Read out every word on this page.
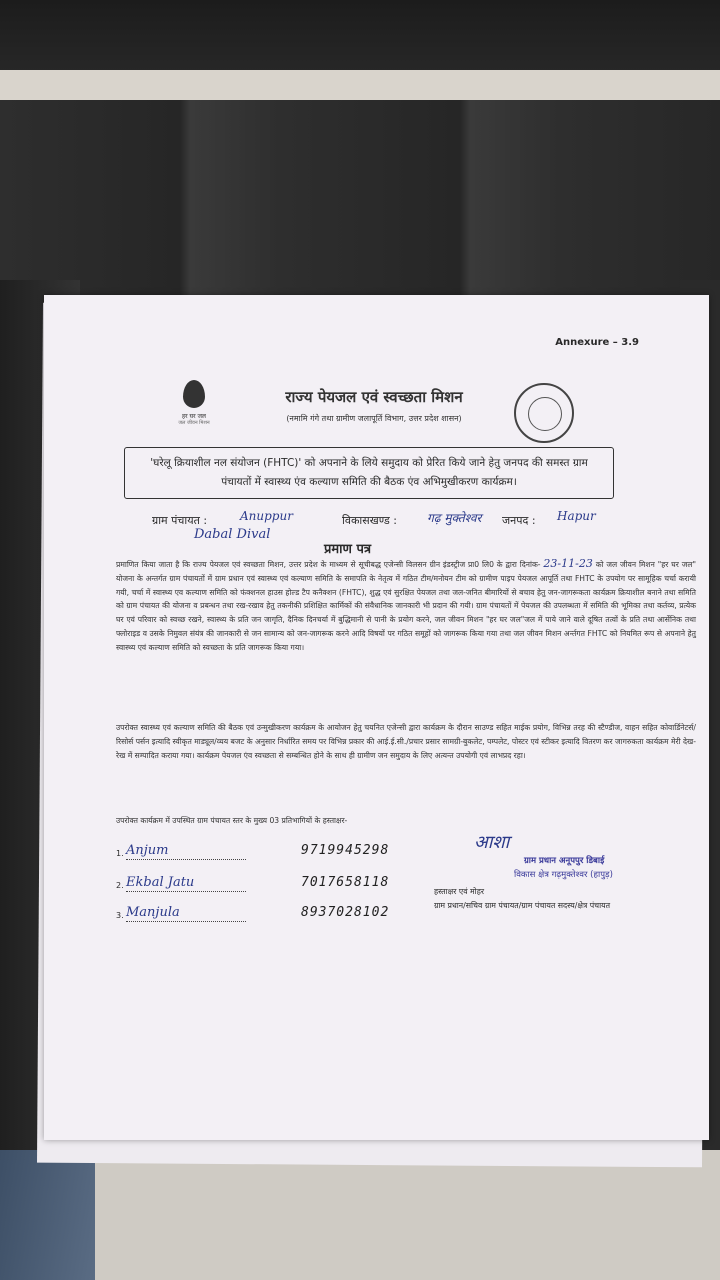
Annexure – 3.9
हर घर जल
जल जीवन मिशन
राज्य पेयजल एवं स्वच्छता मिशन
(नमामि गंगे तथा ग्रामीण जलापूर्ति विभाग, उत्तर प्रदेश शासन)
'घरेलू क्रियाशील नल संयोजन (FHTC)' को अपनाने के लिये समुदाय को प्रेरित किये जाने हेतु जनपद की समस्त ग्राम पंचायतों में स्वास्थ्य एंव कल्याण समिति की बैठक एंव अभिमुखीकरण कार्यक्रम।
ग्राम पंचायत :	Anuppur	विकासखण्ड : गढ़ मुक्तेश्वर जनपद : Hapur
Dabal Dival
प्रमाण पत्र
प्रमाणित किया जाता है कि राज्य पेयजल एवं स्वच्छता मिशन, उत्तर प्रदेश के माध्यम से सूचीबद्ध एजेन्सी विलसन ग्रीन इंडस्ट्रीज प्रा0 लि0 के द्वारा दिनांक- 23-11-23 को जल जीवन मिशन "हर घर जल" योजना के अन्तर्गत ग्राम पंचायतों में ग्राम प्रधान एवं स्वास्थ्य एवं कल्याण समिति के समापति के नेतृत्व में गठित टीम/मनोयन टीम को ग्रामीण पाइप पेयजल आपूर्ति तथा FHTC के उपयोग पर सामूहिक चर्चा करायी गयी, चर्चा में स्वास्थ्य एव कल्याण समिति को फंक्शनल हाउस होल्ड टैप कनैक्शन (FHTC), शुद्ध एवं सुरक्षित पेयजल तथा जल-जनित बीमारियों से बचाव हेतु जन-जागरूकता कार्यक्रम क्रियाशील बनाने तथा समिति को ग्राम पंचायत की योजना व प्रबन्धन तथा रख-रखाव हेतु तकनीकी प्रशिक्षित कार्मिकों की संवैधानिक जानकारी भी प्रदान की गयी। ग्राम पंचायतों में पेयजल की उपलब्धता में समिति की भूमिका तथा कर्तव्य, प्रत्येक घर एवं परिवार को स्वच्छ रखने, स्वास्थ्य के प्रति जन जागृति, दैनिक दिनचर्या में बुद्धिमानी से पानी के प्रयोग करने, जल जीवन मिशन "हर घर जल"जल में पाये जाने वाले दूषित तत्वों के प्रति तथा आर्सेनिक तथा फ्लोराइड व उसके निमुवल संयंत्र की जानकारी से जन सामान्य को जन-जागरूक करने आदि विषयों पर गठित समूहों को जागरूक किया गया तथा जल जीवन मिशन अर्न्तगत FHTC को नियमित रूप से अपनाने हेतु स्वास्थ्य एवं कल्याण समिति को स्वच्छता के प्रति जागरूक किया गया।
उपरोक्त स्वास्थ्य एवं कल्याण समिति की बैठक एवं उन्मुखीकरण कार्यक्रम के आयोजन हेतु चयनित एजेन्सी द्वारा कार्यक्रम के दौरान साउण्ड सहित माईक प्रयोग, विभिन्न तरह की स्टैण्डीज, वाहन सहित कोवार्डिनेटर्स/रिसोर्स पर्सन इत्यादि स्वीकृत माड्यूल/व्यय बजट के अनुसार निर्धारित समय पर विभिन्न प्रकार की आई.ई.सी./प्रचार प्रसार सामग्री-बुकलेट, पम्पलेट, पोस्टर एवं स्टीकर इत्यादि वितरण कर जागरुकता कार्यक्रम मेरी देख-रेख में सम्पादित कराया गया। कार्यक्रम पेयजल एंव स्वच्छता से सम्बन्धित होने के साथ ही ग्रामीण जन समुदाय के लिए अत्यन्त उपयोगी एवं लाभप्रद रहा।
उपरोक्त कार्यक्रम में उपस्थित ग्राम पंचायत स्तर के मुख्य 03 प्रतिभागियों के हस्ताक्षर-
1. Anjum	9719945298
2. Ekbal Jatu	7017658118
3. Manjula	8937028102
आशा
ग्राम प्रधान अनूपपुर डिबाई
विकास क्षेत्र गढ़मुक्तेश्वर (हापुड़)
हस्ताक्षर एवं मोहर
ग्राम प्रधान/सचिव ग्राम पंचायत/ग्राम पंचायत सदस्य/क्षेत्र पंचायत
